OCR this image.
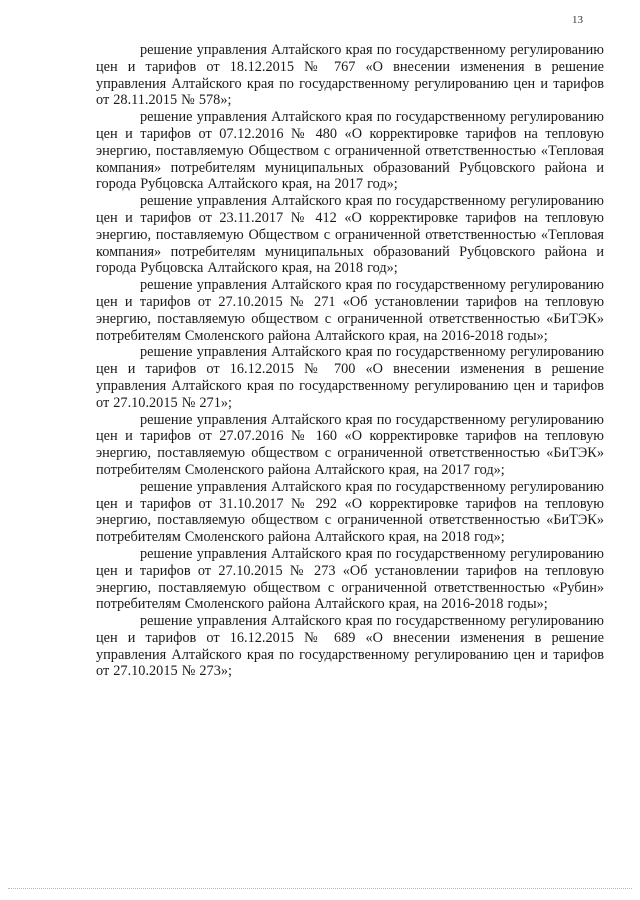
13

решение управления Алтайского края по государственному регулированию цен и тарифов от 18.12.2015 № 767 «О внесении изменения в решение управления Алтайского края по государственному регулированию цен и тарифов от 28.11.2015 № 578»;

решение управления Алтайского края по государственному регулированию цен и тарифов от 07.12.2016 № 480 «О корректировке тарифов на тепловую энергию, поставляемую Обществом с ограниченной ответственностью «Тепловая компания» потребителям муниципальных образований Рубцовского района и города Рубцовска Алтайского края, на 2017 год»;

решение управления Алтайского края по государственному регулированию цен и тарифов от 23.11.2017 № 412 «О корректировке тарифов на тепловую энергию, поставляемую Обществом с ограниченной ответственностью «Тепловая компания» потребителям муниципальных образований Рубцовского района и города Рубцовска Алтайского края, на 2018 год»;

решение управления Алтайского края по государственному регулированию цен и тарифов от 27.10.2015 № 271 «Об установлении тарифов на тепловую энергию, поставляемую обществом с ограниченной ответственностью «БиТЭК» потребителям Смоленского района Алтайского края, на 2016-2018 годы»;

решение управления Алтайского края по государственному регулированию цен и тарифов от 16.12.2015 № 700 «О внесении изменения в решение управления Алтайского края по государственному регулированию цен и тарифов от 27.10.2015 № 271»;

решение управления Алтайского края по государственному регулированию цен и тарифов от 27.07.2016 № 160 «О корректировке тарифов на тепловую энергию, поставляемую обществом с ограниченной ответственностью «БиТЭК» потребителям Смоленского района Алтайского края, на 2017 год»;

решение управления Алтайского края по государственному регулированию цен и тарифов от 31.10.2017 № 292 «О корректировке тарифов на тепловую энергию, поставляемую обществом с ограниченной ответственностью «БиТЭК» потребителям Смоленского района Алтайского края, на 2018 год»;

решение управления Алтайского края по государственному регулированию цен и тарифов от 27.10.2015 № 273 «Об установлении тарифов на тепловую энергию, поставляемую обществом с ограниченной ответственностью «Рубин» потребителям Смоленского района Алтайского края, на 2016-2018 годы»;

решение управления Алтайского края по государственному регулированию цен и тарифов от 16.12.2015 № 689 «О внесении изменения в решение управления Алтайского края по государственному регулированию цен и тарифов от 27.10.2015 № 273»;
